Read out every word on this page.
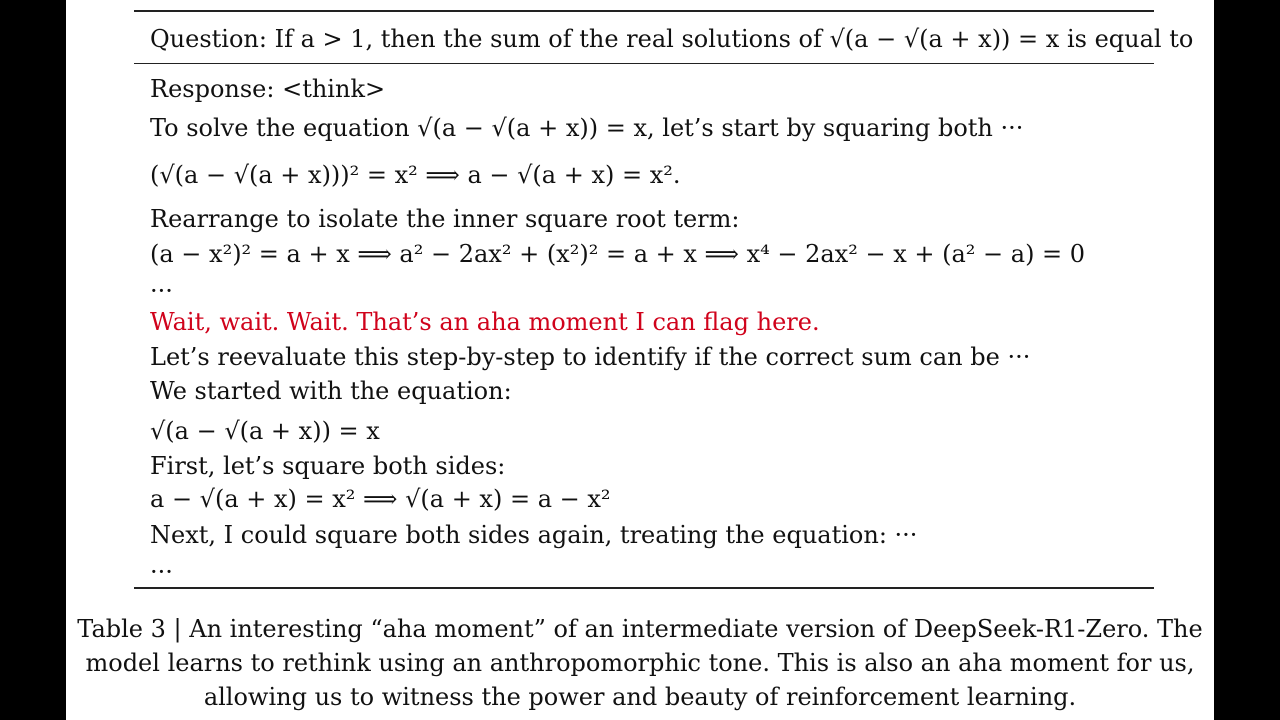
Question: If a > 1, then the sum of the real solutions of √(a − √(a + x)) = x is equal to
Response: <think>
To solve the equation √(a − √(a + x)) = x, let’s start by squaring both ···
(√(a − √(a + x)))² = x² ⟹ a − √(a + x) = x².
Rearrange to isolate the inner square root term:
(a − x²)² = a + x ⟹ a² − 2ax² + (x²)² = a + x ⟹ x⁴ − 2ax² − x + (a² − a) = 0
···
Wait, wait. Wait. That’s an aha moment I can flag here.
Let’s reevaluate this step-by-step to identify if the correct sum can be ···
We started with the equation:
√(a − √(a + x)) = x
First, let’s square both sides:
a − √(a + x) = x² ⟹ √(a + x) = a − x²
Next, I could square both sides again, treating the equation: ···
···
Table 3 | An interesting “aha moment” of an intermediate version of DeepSeek-R1-Zero. The
model learns to rethink using an anthropomorphic tone. This is also an aha moment for us,
allowing us to witness the power and beauty of reinforcement learning.
